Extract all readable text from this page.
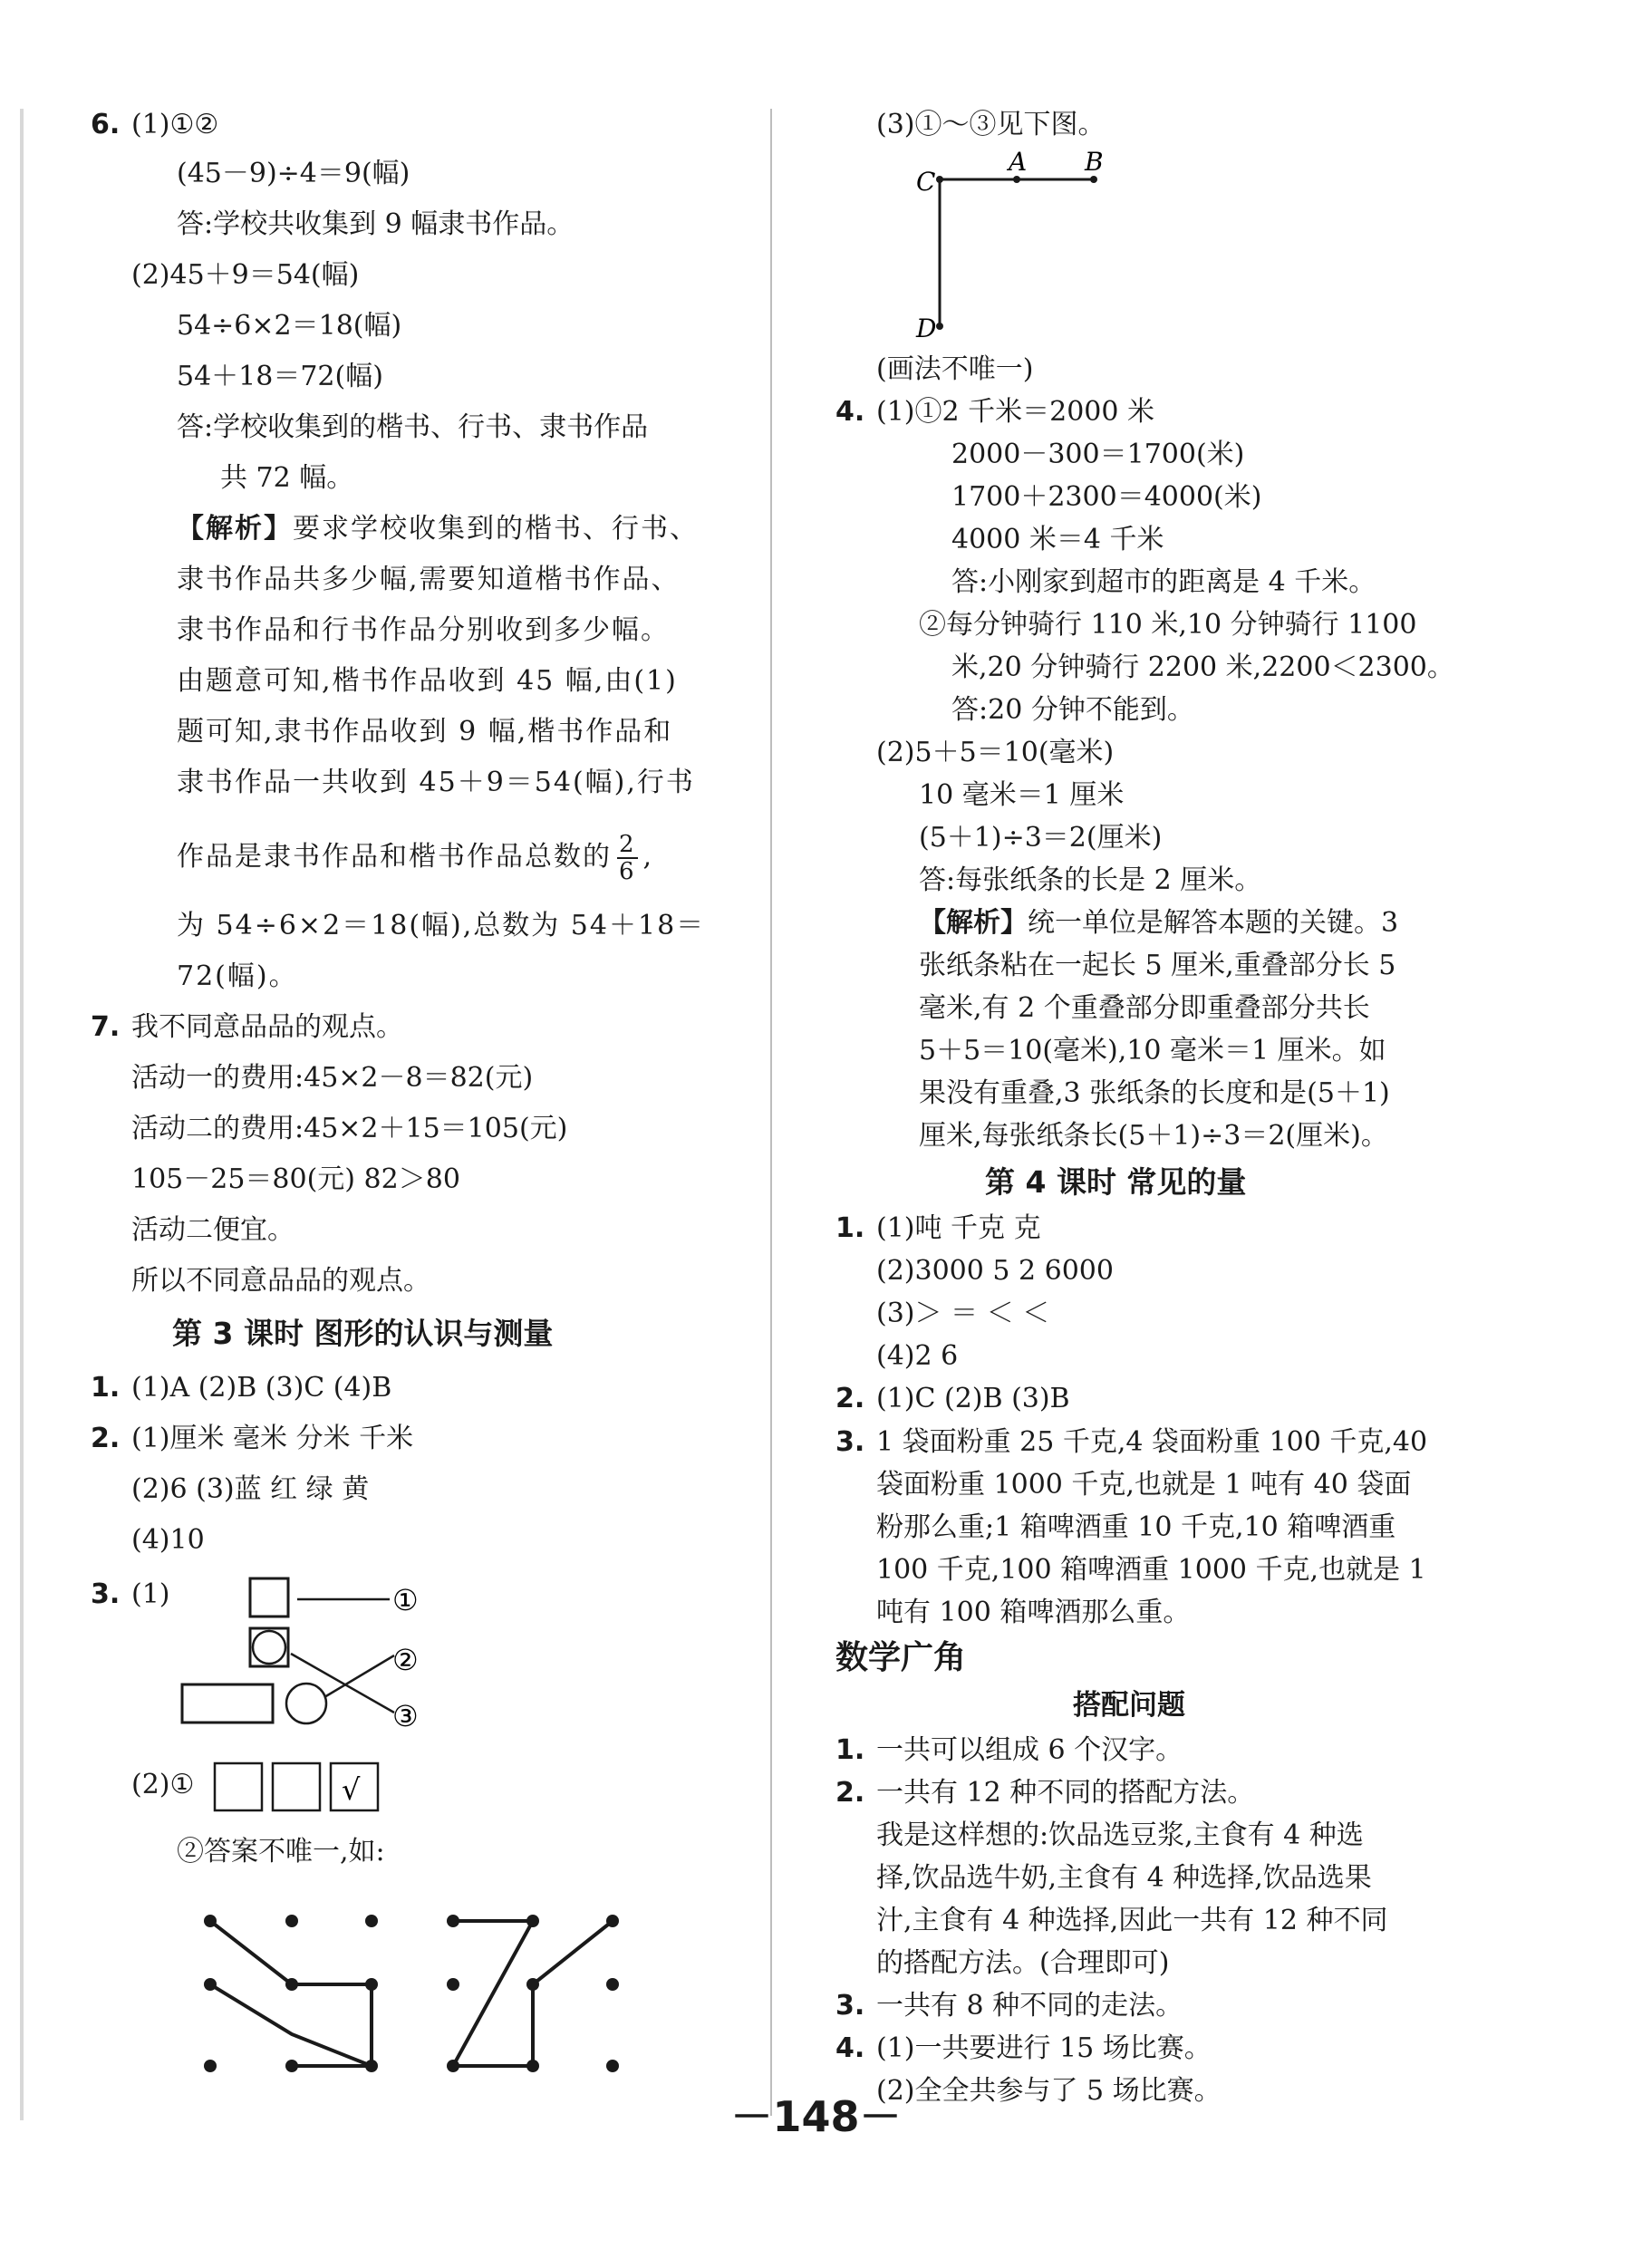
6. (1)①②
(45－9)÷4＝9(幅)
答:学校共收集到 9 幅隶书作品。
(2)45＋9＝54(幅)
54÷6×2＝18(幅)
54＋18＝72(幅)
答:学校收集到的楷书、行书、隶书作品
共 72 幅。
【解析】要求学校收集到的楷书、行书、
隶书作品共多少幅,需要知道楷书作品、
隶书作品和行书作品分别收到多少幅。
由题意可知,楷书作品收到 45 幅,由(1)
题可知,隶书作品收到 9 幅,楷书作品和
隶书作品一共收到 45＋9＝54(幅),行书
作品是隶书作品和楷书作品总数的 $\frac{2}{6}$ ,
为 54÷6×2＝18(幅),总数为 54＋18＝
72(幅)。
7. 我不同意品品的观点。
活动一的费用:45×2－8＝82(元)
活动二的费用:45×2＋15＝105(元)
105－25＝80(元) 82＞80
活动二便宜。
所以不同意品品的观点。
第 3 课时 图形的认识与测量
1. (1)A (2)B (3)C (4)B
2. (1)厘米 毫米 分米 千米
(2)6 (3)蓝 红 绿 黄
(4)10
3. (1)	①
②
③
(2)①	√
②答案不唯一,如:
(3)①～③见下图。
C
A B
D
(画法不唯一)
4. (1)①2 千米＝2000 米
2000－300＝1700(米)
1700＋2300＝4000(米)
4000 米＝4 千米
答:小刚家到超市的距离是 4 千米。
②每分钟骑行 110 米,10 分钟骑行 1100
米,20 分钟骑行 2200 米,2200＜2300。
答:20 分钟不能到。
(2)5＋5＝10(毫米)
10 毫米＝1 厘米
(5＋1)÷3＝2(厘米)
答:每张纸条的长是 2 厘米。
【解析】统一单位是解答本题的关键。3
张纸条粘在一起长 5 厘米,重叠部分长 5
毫米,有 2 个重叠部分即重叠部分共长
5＋5＝10(毫米),10 毫米＝1 厘米。如
果没有重叠,3 张纸条的长度和是(5＋1)
厘米,每张纸条长(5＋1)÷3＝2(厘米)。
第 4 课时 常见的量
1. (1)吨 千克 克
(2)3000 5 2 6000
(3)＞ ＝ ＜ ＜
(4)2 6
2. (1)C (2)B (3)B
3. 1 袋面粉重 25 千克,4 袋面粉重 100 千克,40
袋面粉重 1000 千克,也就是 1 吨有 40 袋面
粉那么重;1 箱啤酒重 10 千克,10 箱啤酒重
100 千克,100 箱啤酒重 1000 千克,也就是 1
吨有 100 箱啤酒那么重。
数学广角
搭配问题
1. 一共可以组成 6 个汉字。
2. 一共有 12 种不同的搭配方法。
我是这样想的:饮品选豆浆,主食有 4 种选
择,饮品选牛奶,主食有 4 种选择,饮品选果
汁,主食有 4 种选择,因此一共有 12 种不同
的搭配方法。(合理即可)
3. 一共有 8 种不同的走法。
4. (1)一共要进行 15 场比赛。
(2)全全共参与了 5 场比赛。
－148－
